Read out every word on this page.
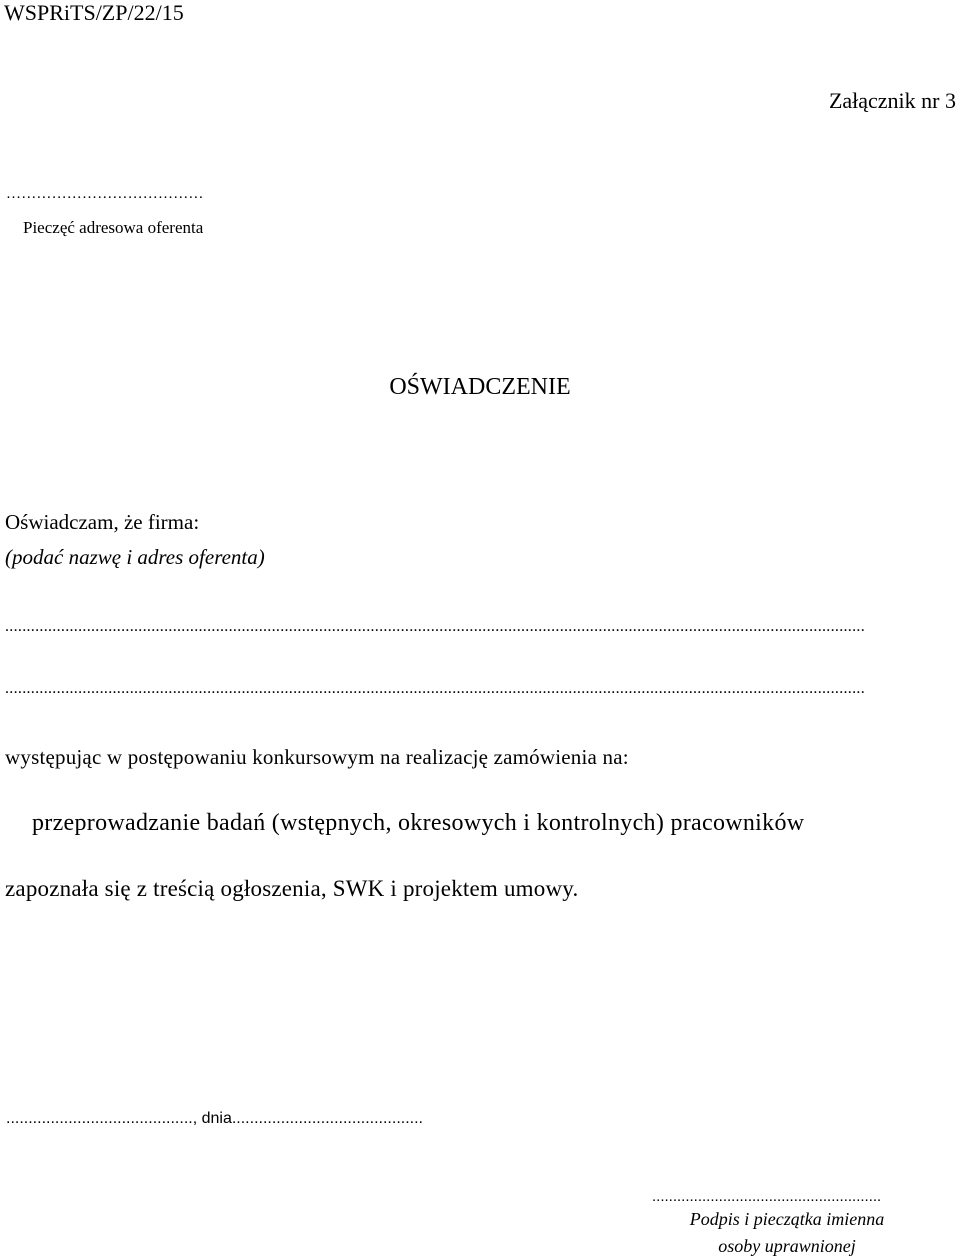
WSPRiTS/ZP/22/15

Załącznik nr 3

…………………………………

Pieczęć adresowa oferenta

OŚWIADCZENIE

Oświadczam, że firma:

(podać nazwę i adres oferenta)

........................................................................................................................................................................................................
........................................................................................................................................................................................................

występując w postępowaniu konkursowym na realizację zamówienia na:

przeprowadzanie badań (wstępnych, okresowych i kontrolnych) pracowników

zapoznała się z treścią ogłoszenia, SWK i projektem umowy.

.........................................., dnia...........................................

.......................................................
Podpis i pieczątka imienna
osoby uprawnionej
